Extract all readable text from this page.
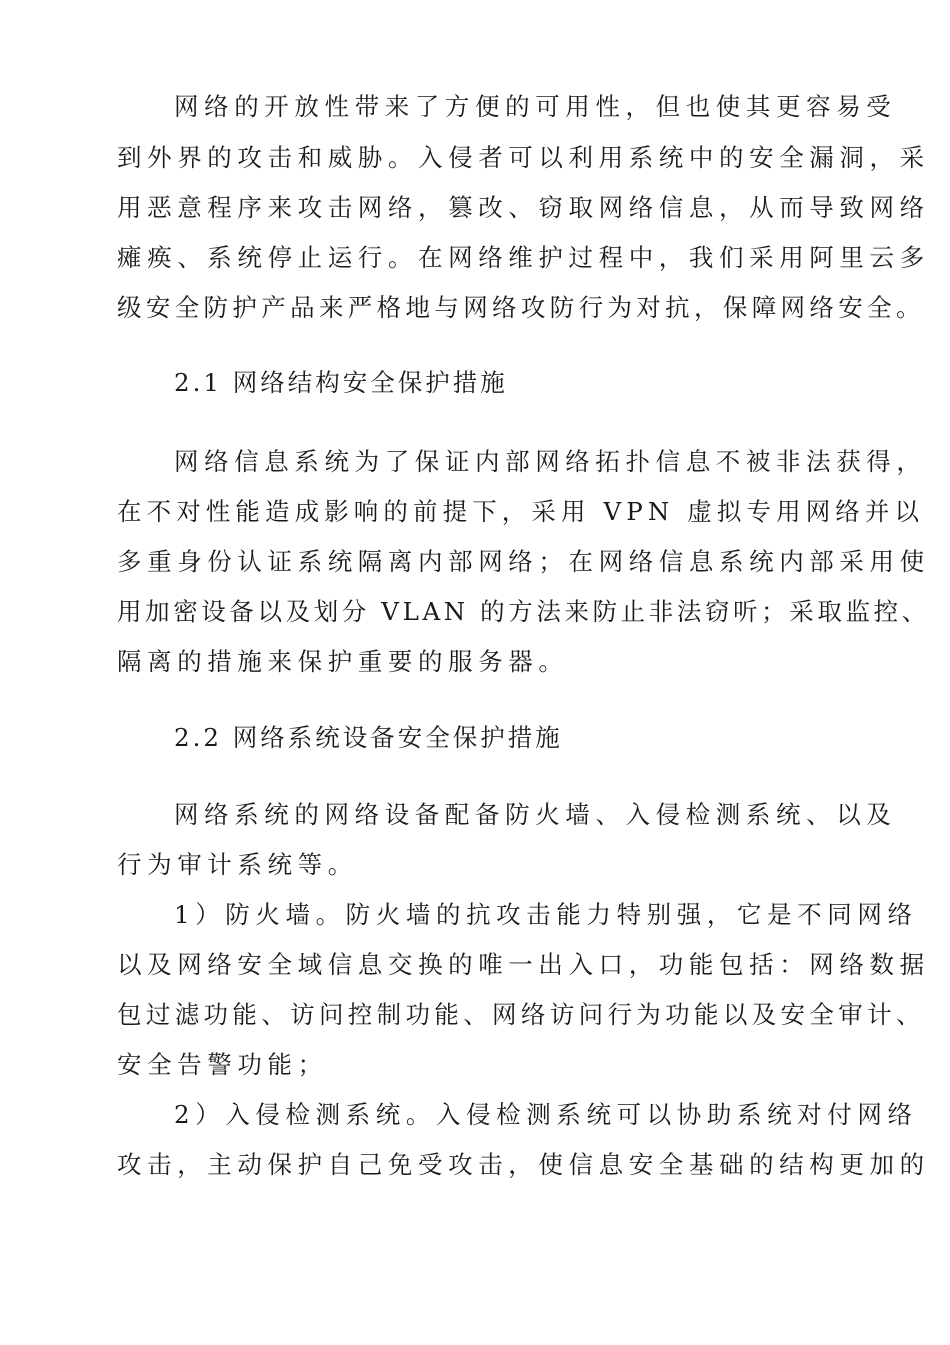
网络的开放性带来了方便的可用性，但也使其更容易受
到外界的攻击和威胁。入侵者可以利用系统中的安全漏洞，采
用恶意程序来攻击网络，篡改、窃取网络信息，从而导致网络
瘫痪、系统停止运行。在网络维护过程中，我们采用阿里云多
级安全防护产品来严格地与网络攻防行为对抗，保障网络安全。
2.1 网络结构安全保护措施
网络信息系统为了保证内部网络拓扑信息不被非法获得，
在不对性能造成影响的前提下，采用 VPN 虚拟专用网络并以
多重身份认证系统隔离内部网络；在网络信息系统内部采用使
用加密设备以及划分 VLAN 的方法来防止非法窃听；采取监控、
隔离的措施来保护重要的服务器。
2.2 网络系统设备安全保护措施
网络系统的网络设备配备防火墙、入侵检测系统、以及
行为审计系统等。
1）防火墙。防火墙的抗攻击能力特别强，它是不同网络
以及网络安全域信息交换的唯一出入口，功能包括：网络数据
包过滤功能、访问控制功能、网络访问行为功能以及安全审计、
安全告警功能；
2）入侵检测系统。入侵检测系统可以协助系统对付网络
攻击，主动保护自己免受攻击，使信息安全基础的结构更加的
